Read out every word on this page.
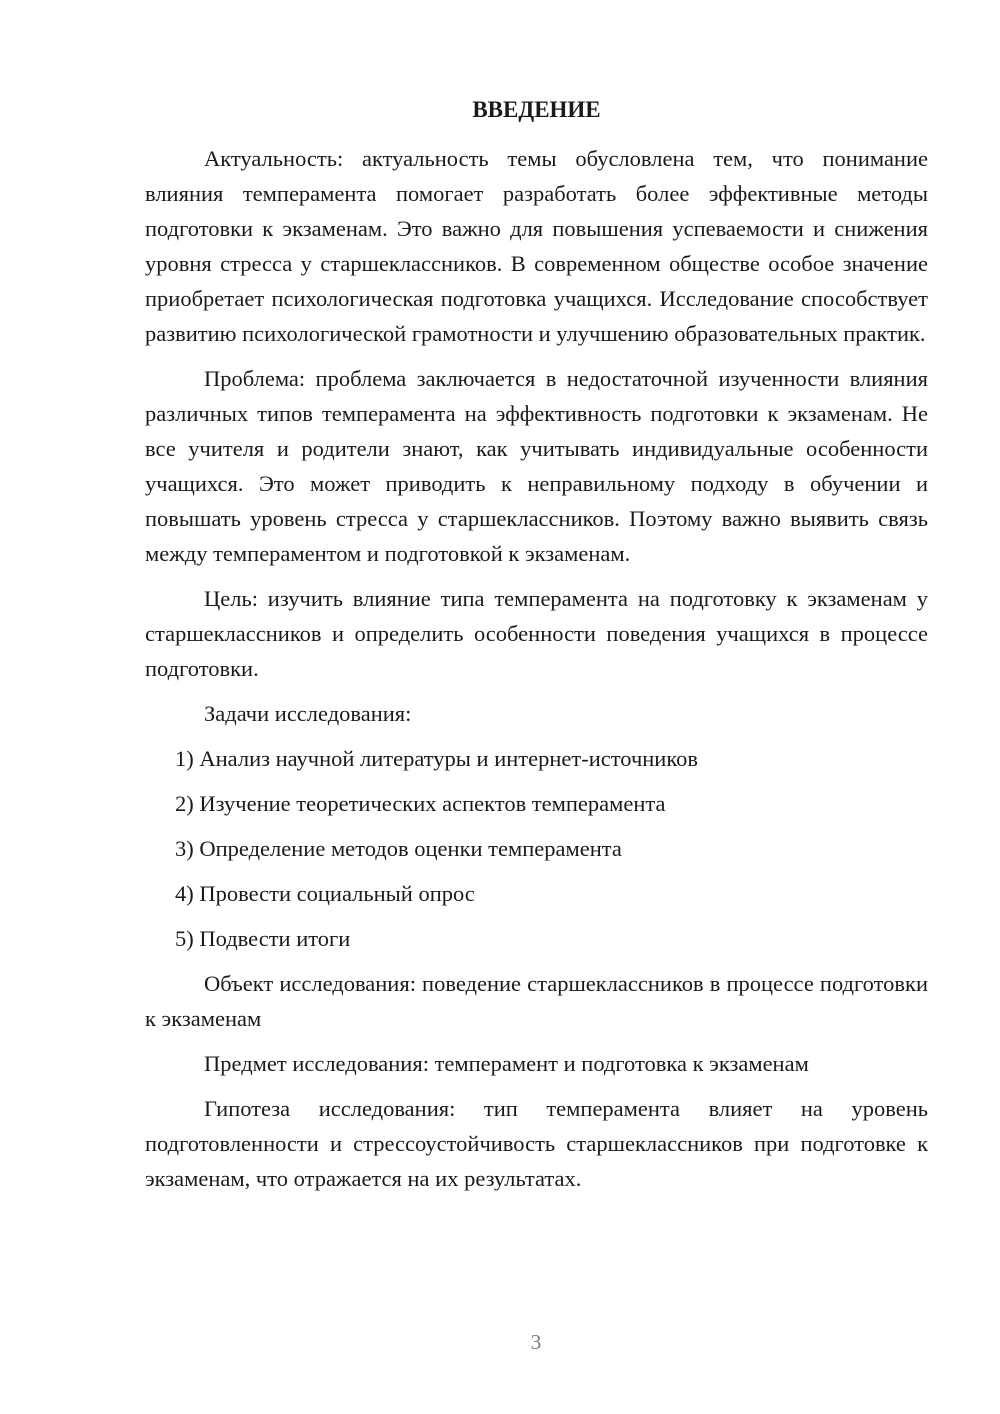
ВВЕДЕНИЕ

Актуальность: актуальность темы обусловлена тем, что понимание влияния темперамента помогает разработать более эффективные методы подготовки к экзаменам. Это важно для повышения успеваемости и снижения уровня стресса у старшеклассников. В современном обществе особое значение приобретает психологическая подготовка учащихся. Исследование способствует развитию психологической грамотности и улучшению образовательных практик.

Проблема: проблема заключается в недостаточной изученности влияния различных типов темперамента на эффективность подготовки к экзаменам. Не все учителя и родители знают, как учитывать индивидуальные особенности учащихся. Это может приводить к неправильному подходу в обучении и повышать уровень стресса у старшеклассников. Поэтому важно выявить связь между темпераментом и подготовкой к экзаменам.

Цель: изучить влияние типа темперамента на подготовку к экзаменам у старшеклассников и определить особенности поведения учащихся в процессе подготовки.

Задачи исследования:

1) Анализ научной литературы и интернет-источников

2) Изучение теоретических аспектов темперамента

3) Определение методов оценки темперамента

4) Провести социальный опрос

5) Подвести итоги

Объект исследования: поведение старшеклассников в процессе подготовки к экзаменам

Предмет исследования: темперамент и подготовка к экзаменам

Гипотеза исследования: тип темперамента влияет на уровень подготовленности и стрессоустойчивость старшеклассников при подготовке к экзаменам, что отражается на их результатах.

3
